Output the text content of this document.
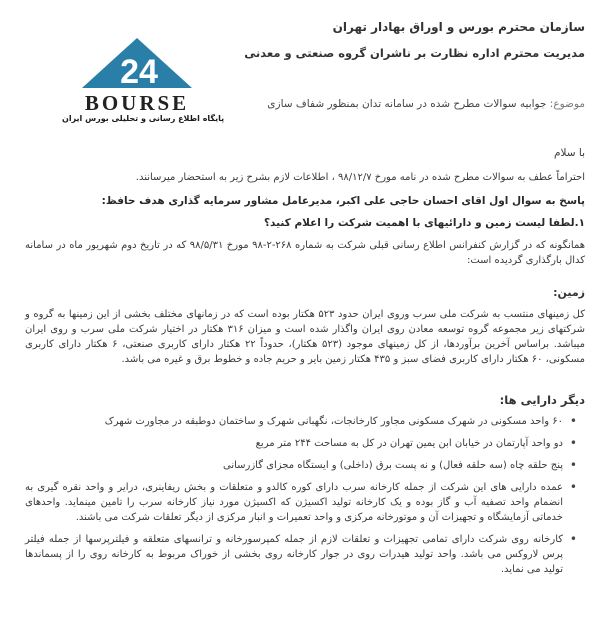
24
BOURSE
پایگاه اطلاع رسانی و تحلیلی بورس ایران
سازمان محترم بورس و اوراق بهادار تهران
مدیریت محترم اداره نظارت بر ناشران گروه صنعتی و معدنی
موضوع: جوابیه سوالات مطرح شده در سامانه تدان بمنظور شفاف سازی
با سلام
احتراماً عطف به سوالات مطرح شده در نامه مورخ ۹۸/۱۲/۷ ، اطلاعات لازم بشرح زیر به استحضار میرسانند.
پاسخ به سوال اول اقای احسان حاجی علی اکبر، مدیرعامل مشاور سرمایه گذاری هدف حافظ:
۱.لطفا لیست زمین و دارائیهای با اهمیت شرکت را اعلام کنید؟
همانگونه که در گزارش کنفرانس اطلاع رسانی قبلی شرکت به شماره ۲۶۸-۲-۹۸ مورخ ۹۸/۵/۳۱ که در تاریخ دوم شهریور ماه در سامانه کدال بارگذاری گردیده است:
زمین:
کل زمینهای منتسب به شرکت ملی سرب وروی ایران حدود ۵۲۳ هکتار بوده است که در زمانهای مختلف بخشی از این زمینها به گروه و شرکتهای زیر مجموعه گروه توسعه معادن روی ایران واگذار شده است و میزان ۳۱۶ هکتار در اختیار شرکت ملی سرب و روی ایران میباشد. براساس آخرین برآوردها، از کل زمینهای موجود (۵۲۳ هکتار)، حدوداً ۲۲ هکتار دارای کاربری صنعتی، ۶ هکتار دارای کاربری مسکونی، ۶۰ هکتار دارای کاربری فضای سبز و ۴۳۵ هکتار زمین بایر و حریم جاده و خطوط برق و غیره می باشد.
دیگر دارایی ها:
• ۶۰ واحد مسکونی در شهرک مسکونی مجاور کارخانجات، نگهبانی شهرک و ساختمان دوطبقه در مجاورت شهرک
• دو واحد آپارتمان در خیابان ابن یمین تهران در کل به مساحت ۲۴۴ متر مربع
• پنج حلقه چاه (سه حلقه فعال) و نه پست برق (داخلی) و ایستگاه مجزای گازرسانی
• عمده دارایی های این شرکت از جمله کارخانه سرب دارای کوره کالدو و متعلقات و بخش ریفاینری، درایر و واحد نقره گیری به انضمام واحد تصفیه آب و گاز بوده و یک کارخانه تولید اکسیژن که اکسیژن مورد نیاز کارخانه سرب را تامین مینماید. واحدهای خدماتی آزمایشگاه و تجهیزات آن و موتورخانه مرکزی و واحد تعمیرات و انبار مرکزی از دیگر تعلقات شرکت می باشند.
• کارخانه روی شرکت دارای تمامی تجهیزات و تعلقات لازم از جمله کمپرسورخانه و ترانسهای متعلقه و فیلترپرسها از جمله فیلتر پرس لاروکس می باشد. واحد تولید هیدرات روی در جوار کارخانه روی بخشی از خوراک مربوط به کارخانه روی را از پسماندها تولید می نماید.
